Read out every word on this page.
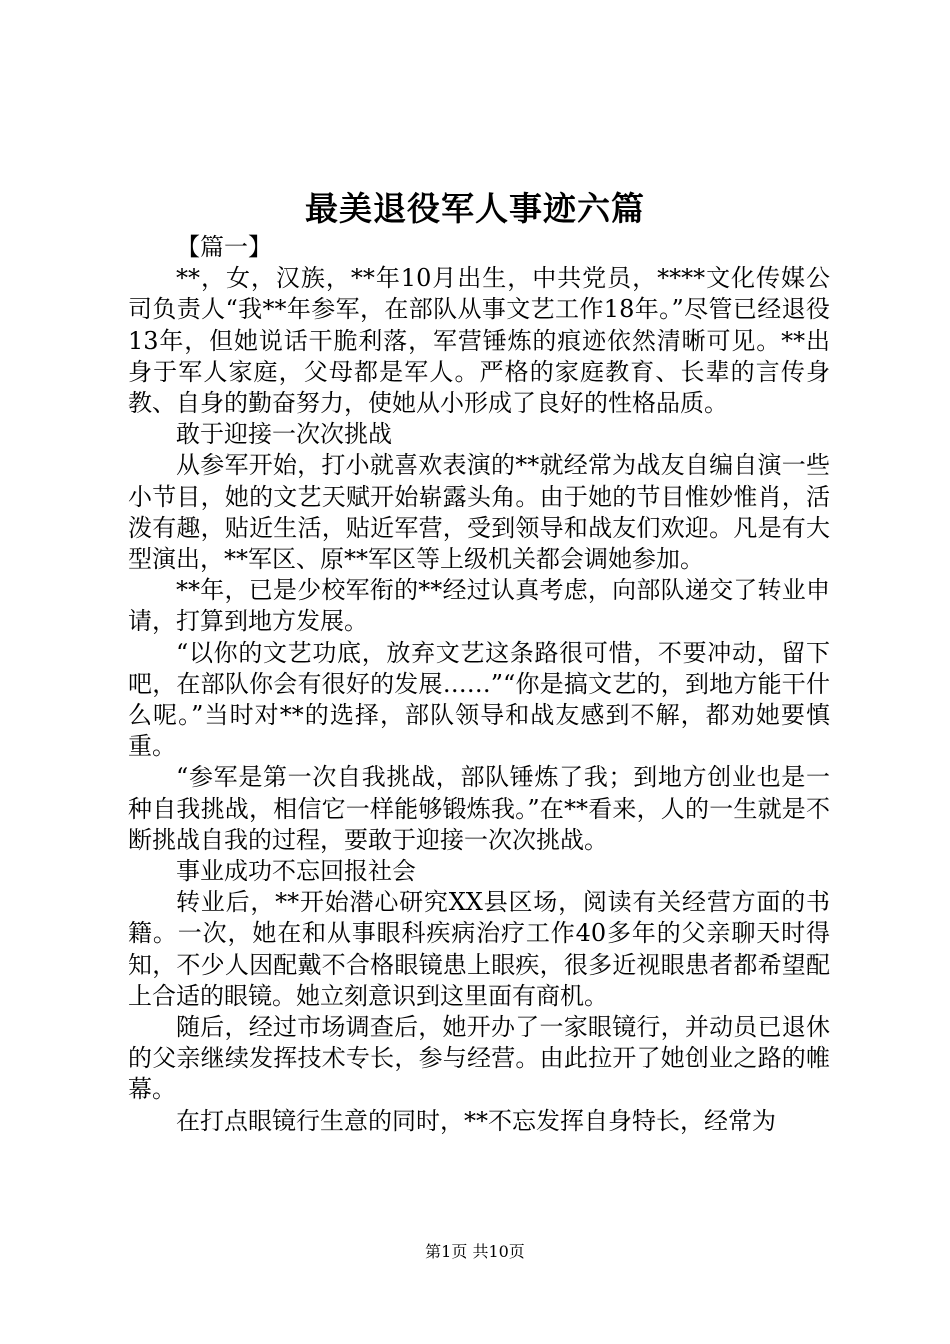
最美退役军人事迹六篇

【篇一】

**，女，汉族，**年10月出生，中共党员，****文化传媒公司负责人“我**年参军，在部队从事文艺工作18年。”尽管已经退役13年，但她说话干脆利落，军营锤炼的痕迹依然清晰可见。**出身于军人家庭，父母都是军人。严格的家庭教育、长辈的言传身教、自身的勤奋努力，使她从小形成了良好的性格品质。

敢于迎接一次次挑战

从参军开始，打小就喜欢表演的**就经常为战友自编自演一些小节目，她的文艺天赋开始崭露头角。由于她的节目惟妙惟肖，活泼有趣，贴近生活，贴近军营，受到领导和战友们欢迎。凡是有大型演出，**军区、原**军区等上级机关都会调她参加。

**年，已是少校军衔的**经过认真考虑，向部队递交了转业申请，打算到地方发展。

“以你的文艺功底，放弃文艺这条路很可惜，不要冲动，留下吧，在部队你会有很好的发展……”“你是搞文艺的，到地方能干什么呢。”当时对**的选择，部队领导和战友感到不解，都劝她要慎重。

“参军是第一次自我挑战，部队锤炼了我；到地方创业也是一种自我挑战，相信它一样能够锻炼我。”在**看来，人的一生就是不断挑战自我的过程，要敢于迎接一次次挑战。

事业成功不忘回报社会

转业后，**开始潜心研究XX县区场，阅读有关经营方面的书籍。一次，她在和从事眼科疾病治疗工作40多年的父亲聊天时得知，不少人因配戴不合格眼镜患上眼疾，很多近视眼患者都希望配上合适的眼镜。她立刻意识到这里面有商机。

随后，经过市场调查后，她开办了一家眼镜行，并动员已退休的父亲继续发挥技术专长，参与经营。由此拉开了她创业之路的帷幕。

在打点眼镜行生意的同时，**不忘发挥自身特长，经常为

第1页 共10页
